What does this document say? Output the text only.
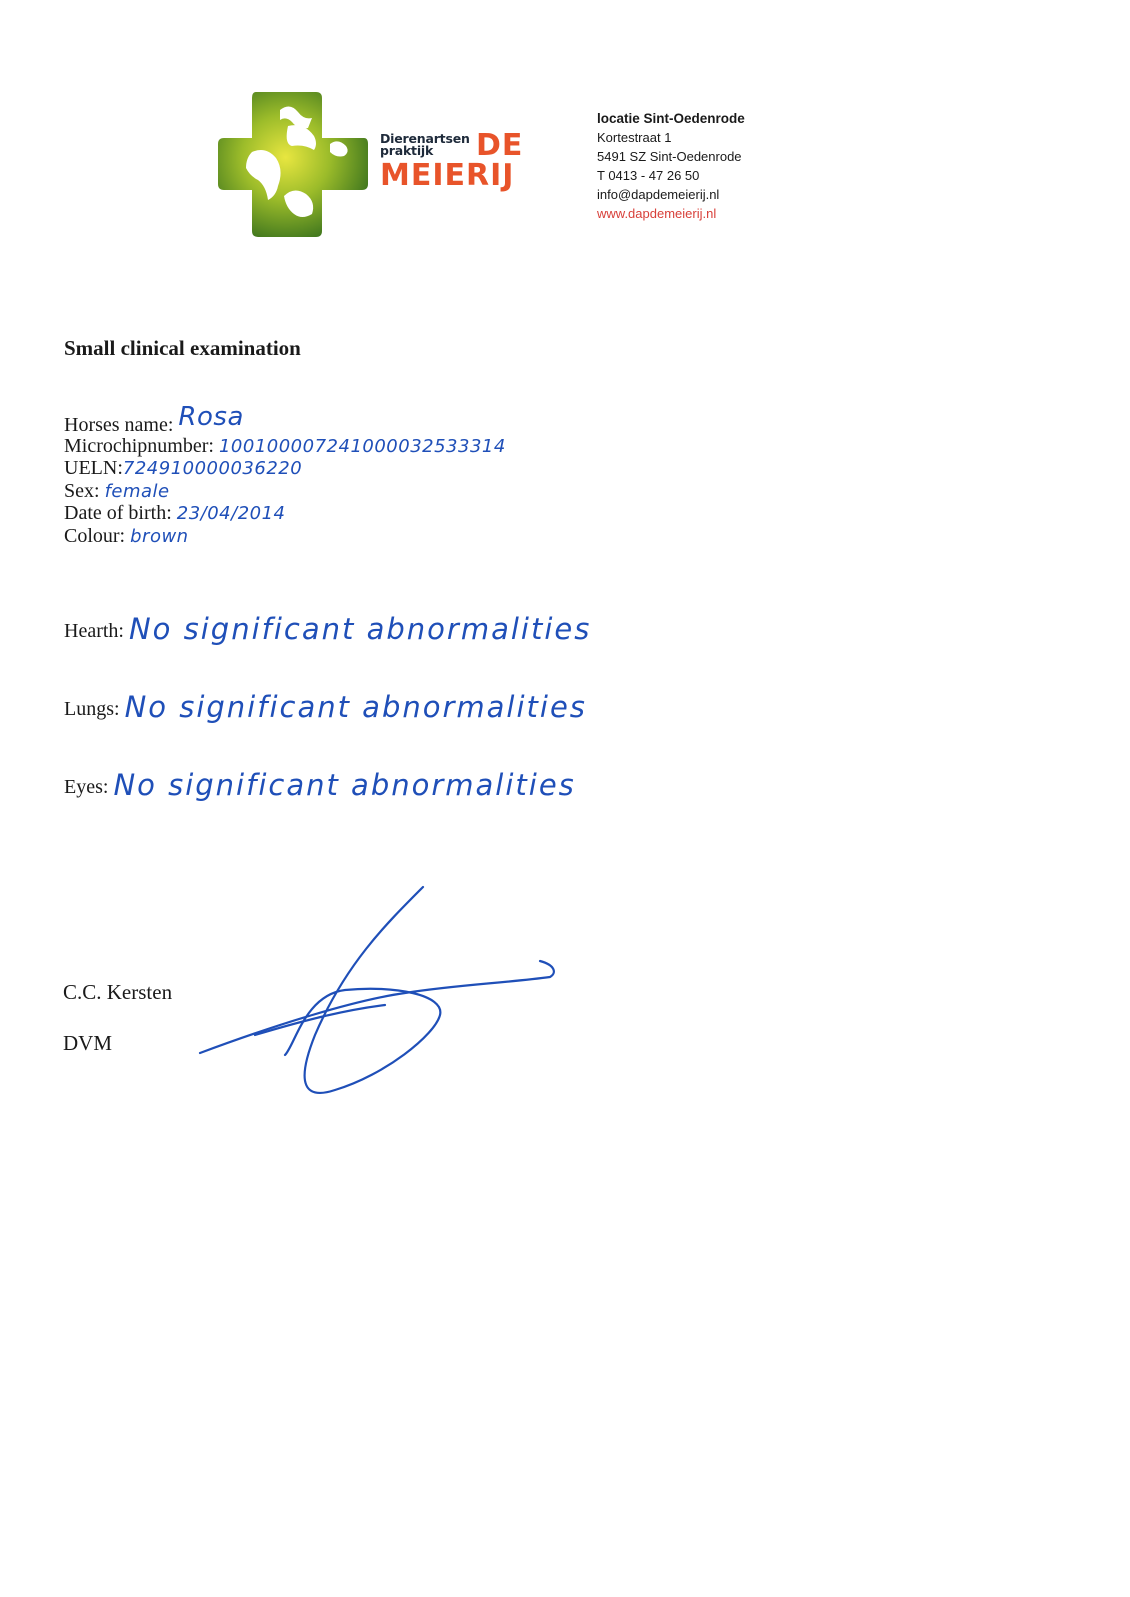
Dierenartsen
praktijk	DE
MEIERIJ
locatie Sint-Oedenrode
Kortestraat 1
5491 SZ Sint-Oedenrode
T 0413 - 47 26 50
info@dapdemeierij.nl
www.dapdemeierij.nl
Small clinical examination
Horses name: Rosa
Microchipnumber: 100100007241000032533314
UELN:724910000036220
Sex: female
Date of birth: 23/04/2014
Colour: brown
Hearth: No significant abnormalities
Lungs: No significant abnormalities
Eyes: No significant abnormalities
C.C. Kersten
DVM
